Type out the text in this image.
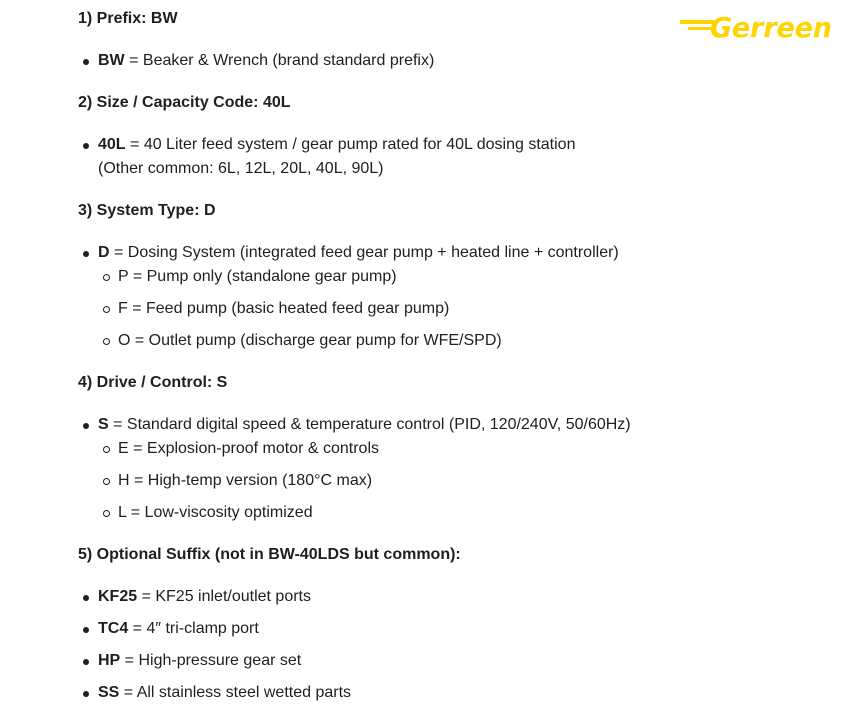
Gerreen
1) Prefix: BW
BW = Beaker & Wrench (brand standard prefix)
2) Size / Capacity Code: 40L
40L = 40 Liter feed system / gear pump rated for 40L dosing station
(Other common: 6L, 12L, 20L, 40L, 90L)
3) System Type: D
D = Dosing System (integrated feed gear pump + heated line + controller)
P = Pump only (standalone gear pump)
F = Feed pump (basic heated feed gear pump)
O = Outlet pump (discharge gear pump for WFE/SPD)
4) Drive / Control: S
S = Standard digital speed & temperature control (PID, 120/240V, 50/60Hz)
E = Explosion-proof motor & controls
H = High-temp version (180°C max)
L = Low-viscosity optimized
5) Optional Suffix (not in BW-40LDS but common):
KF25 = KF25 inlet/outlet ports
TC4 = 4″ tri-clamp port
HP = High-pressure gear set
SS = All stainless steel wetted parts
